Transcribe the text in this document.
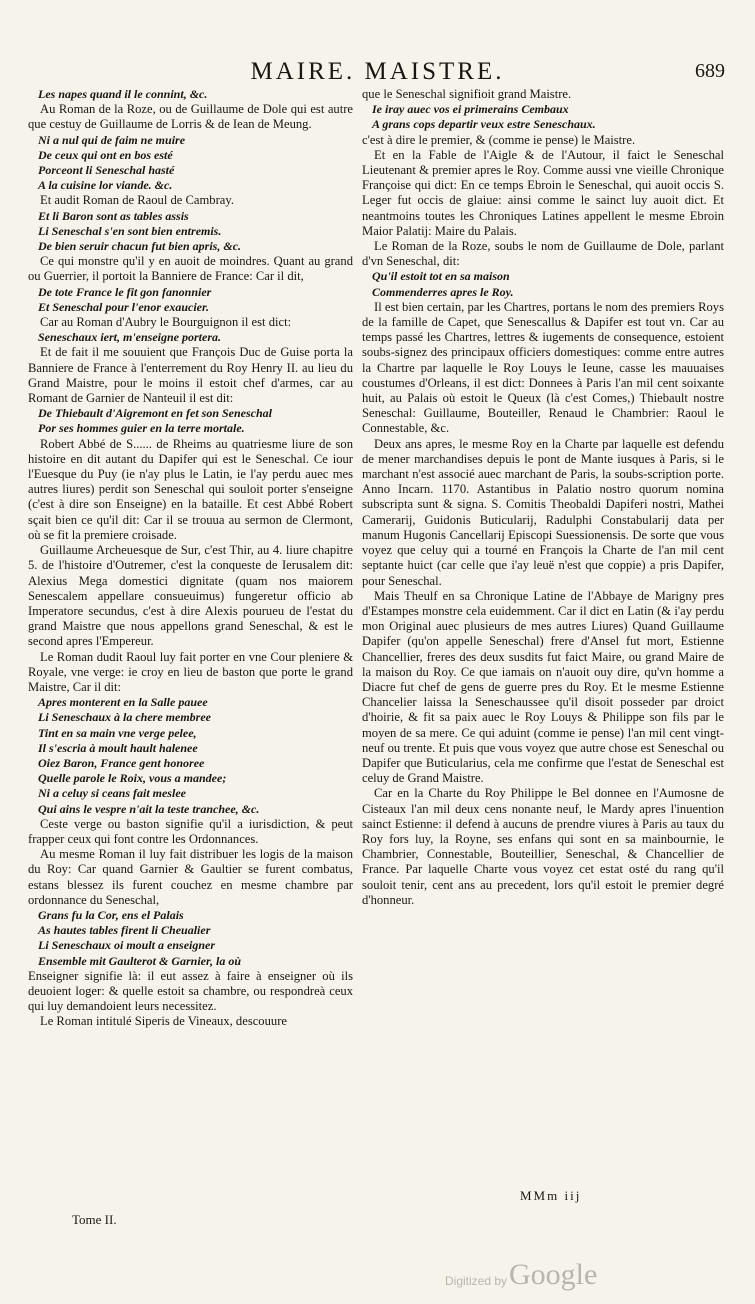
MAIRE. MAISTRE.	689
Les napes quand il le connint, &c.

Au Roman de la Roze, ou de Guillaume de Dole qui est autre que cestuy de Guillaume de Lorris & de Iean de Meung.

Ni a nul qui de faim ne muire
De ceux qui ont en bos esté
Porceont li Seneschal hasté
A la cuisine lor viande. &c.

Et audit Roman de Raoul de Cambray.

Et li Baron sont as tables assis
Li Seneschal s'en sont bien entremis.
De bien seruir chacun fut bien apris, &c.

Ce qui monstre qu'il y en auoit de moindres. Quant au grand ou Guerrier, il portoit la Banniere de France: Car il dit,

De tote France le fit gon fanonnier
Et Seneschal pour l'enor exaucier.

Car au Roman d'Aubry le Bourguignon il est dict:

Seneschaux iert, m'enseigne portera.

Et de fait il me souuient que François Duc de Guise porta la Banniere de France à l'enterrement du Roy Henry II. au lieu du Grand Maistre, pour le moins il estoit chef d'armes, car au Romant de Garnier de Nanteuil il est dit:

De Thiebault d'Aigremont en fet son Seneschal
Por ses hommes guier en la terre mortale.

Robert Abbé de S...... de Rheims au quatriesme liure de son histoire en dit autant du Dapifer qui est le Seneschal. Ce iour l'Euesque du Puy (ie n'ay plus le Latin, ie l'ay perdu auec mes autres liures) perdit son Seneschal qui souloit porter s'enseigne (c'est à dire son Enseigne) en la bataille. Et cest Abbé Robert sçait bien ce qu'il dit: Car il se trouua au sermon de Clermont, où se fit la premiere croisade.

Guillaume Archeuesque de Sur, c'est Thir, au 4. liure chapitre 5. de l'histoire d'Outremer, c'est la conqueste de Ierusalem dit: Alexius Mega domestici dignitate (quam nos maiorem Senescalem appellare consueuimus) fungeretur officio ab Imperatore secundus, c'est à dire Alexis pourueu de l'estat du grand Maistre que nous appellons grand Seneschal, & est le second apres l'Empereur.

Le Roman dudit Raoul luy fait porter en vne Cour pleniere & Royale, vne verge: ie croy en lieu de baston que porte le grand Maistre, Car il dit:

Apres monterent en la Salle pauee
Li Seneschaux à la chere membree
Tint en sa main vne verge pelee,
Il s'escria à moult hault halenee
Oiez Baron, France gent honoree
Quelle parole le Roix, vous a mandee;
Ni a celuy si ceans fait meslee
Qui ains le vespre n'ait la teste tranchee, &c.

Ceste verge ou baston signifie qu'il a iurisdiction, & peut frapper ceux qui font contre les Ordonnances.

Au mesme Roman il luy fait distribuer les logis de la maison du Roy: Car quand Garnier & Gaultier se furent combatus, estans blessez ils furent couchez en mesme chambre par ordonnance du Seneschal,

Grans fu la Cor, ens el Palais
As hautes tables firent li Cheualier
Li Seneschaux oi moult a enseigner
Ensemble mit Gaulterot & Garnier, la où

Enseigner signifie là: il eut assez à faire à enseigner où ils deuoient loger: & quelle estoit sa chambre, ou respondreà ceux qui luy demandoient leurs necessitez.

Le Roman intitulé Siperis de Vineaux, descouure

que le Seneschal signifioit grand Maistre.

Ie iray auec vos ei primerains Cembaux
A grans cops departir veux estre Seneschaux.

c'est à dire le premier, & (comme ie pense) le Maistre.

Et en la Fable de l'Aigle & de l'Autour, il faict le Seneschal Lieutenant & premier apres le Roy. Comme aussi vne vieille Chronique Françoise qui dict: En ce temps Ebroin le Seneschal, qui auoit occis S. Leger fut occis de glaiue: ainsi comme le sainct luy auoit dict. Et neantmoins toutes les Chroniques Latines appellent le mesme Ebroin Maior Palatij: Maire du Palais.

Le Roman de la Roze, soubs le nom de Guillaume de Dole, parlant d'vn Seneschal, dit:

Qu'il estoit tot en sa maison
Commenderres apres le Roy.

Il est bien certain, par les Chartres, portans le nom des premiers Roys de la famille de Capet, que Senescallus & Dapifer est tout vn. Car au temps passé les Chartres, lettres & iugements de consequence, estoient soubs-signez des principaux officiers domestiques: comme entre autres la Chartre par laquelle le Roy Louys le Ieune, casse les mauuaises coustumes d'Orleans, il est dict: Donnees à Paris l'an mil cent soixante huit, au Palais où estoit le Queux (là c'est Comes,) Thiebault nostre Seneschal: Guillaume, Bouteiller, Renaud le Chambrier: Raoul le Connestable, &c.

Deux ans apres, le mesme Roy en la Charte par laquelle est defendu de mener marchandises depuis le pont de Mante iusques à Paris, si le marchant n'est associé auec marchant de Paris, la soubs-scription porte. Anno Incarn. 1170. Astantibus in Palatio nostro quorum nomina subscripta sunt & signa. S. Comitis Theobaldi Dapiferi nostri, Mathei Camerarij, Guidonis Buticularij, Radulphi Constabularij data per manum Hugonis Cancellarij Episcopi Suessionensis. De sorte que vous voyez que celuy qui a tourné en François la Charte de l'an mil cent septante huict (car celle que i'ay leuë n'est que coppie) a pris Dapifer, pour Seneschal.

Mais Theulf en sa Chronique Latine de l'Abbaye de Marigny pres d'Estampes monstre cela euidemment. Car il dict en Latin (& i'ay perdu mon Original auec plusieurs de mes autres Liures) Quand Guillaume Dapifer (qu'on appelle Seneschal) frere d'Ansel fut mort, Estienne Chancellier, freres des deux susdits fut faict Maire, ou grand Maire de la maison du Roy. Ce que iamais on n'auoit ouy dire, qu'vn homme a Diacre fut chef de gens de guerre pres du Roy. Et le mesme Estienne Chancelier laissa la Seneschaussee qu'il disoit posseder par droict d'hoirie, & fit sa paix auec le Roy Louys & Philippe son fils par le moyen de sa mere. Ce qui aduint (comme ie pense) l'an mil cent vingt-neuf ou trente. Et puis que vous voyez que autre chose est Seneschal ou Dapifer que Buticularius, cela me confirme que l'estat de Seneschal est celuy de Grand Maistre.

Car en la Charte du Roy Philippe le Bel donnee en l'Aumosne de Cisteaux l'an mil deux cens nonante neuf, le Mardy apres l'inuention sainct Estienne: il defend à aucuns de prendre viures à Paris au taux du Roy fors luy, la Royne, ses enfans qui sont en sa mainbournie, le Chambrier, Connestable, Bouteillier, Seneschal, & Chancellier de France. Par laquelle Charte vous voyez cet estat osté du rang qu'il souloit tenir, cent ans au precedent, lors qu'il estoit le premier degré d'honneur.

MMm iij
Tome II.
Digitized by Google
